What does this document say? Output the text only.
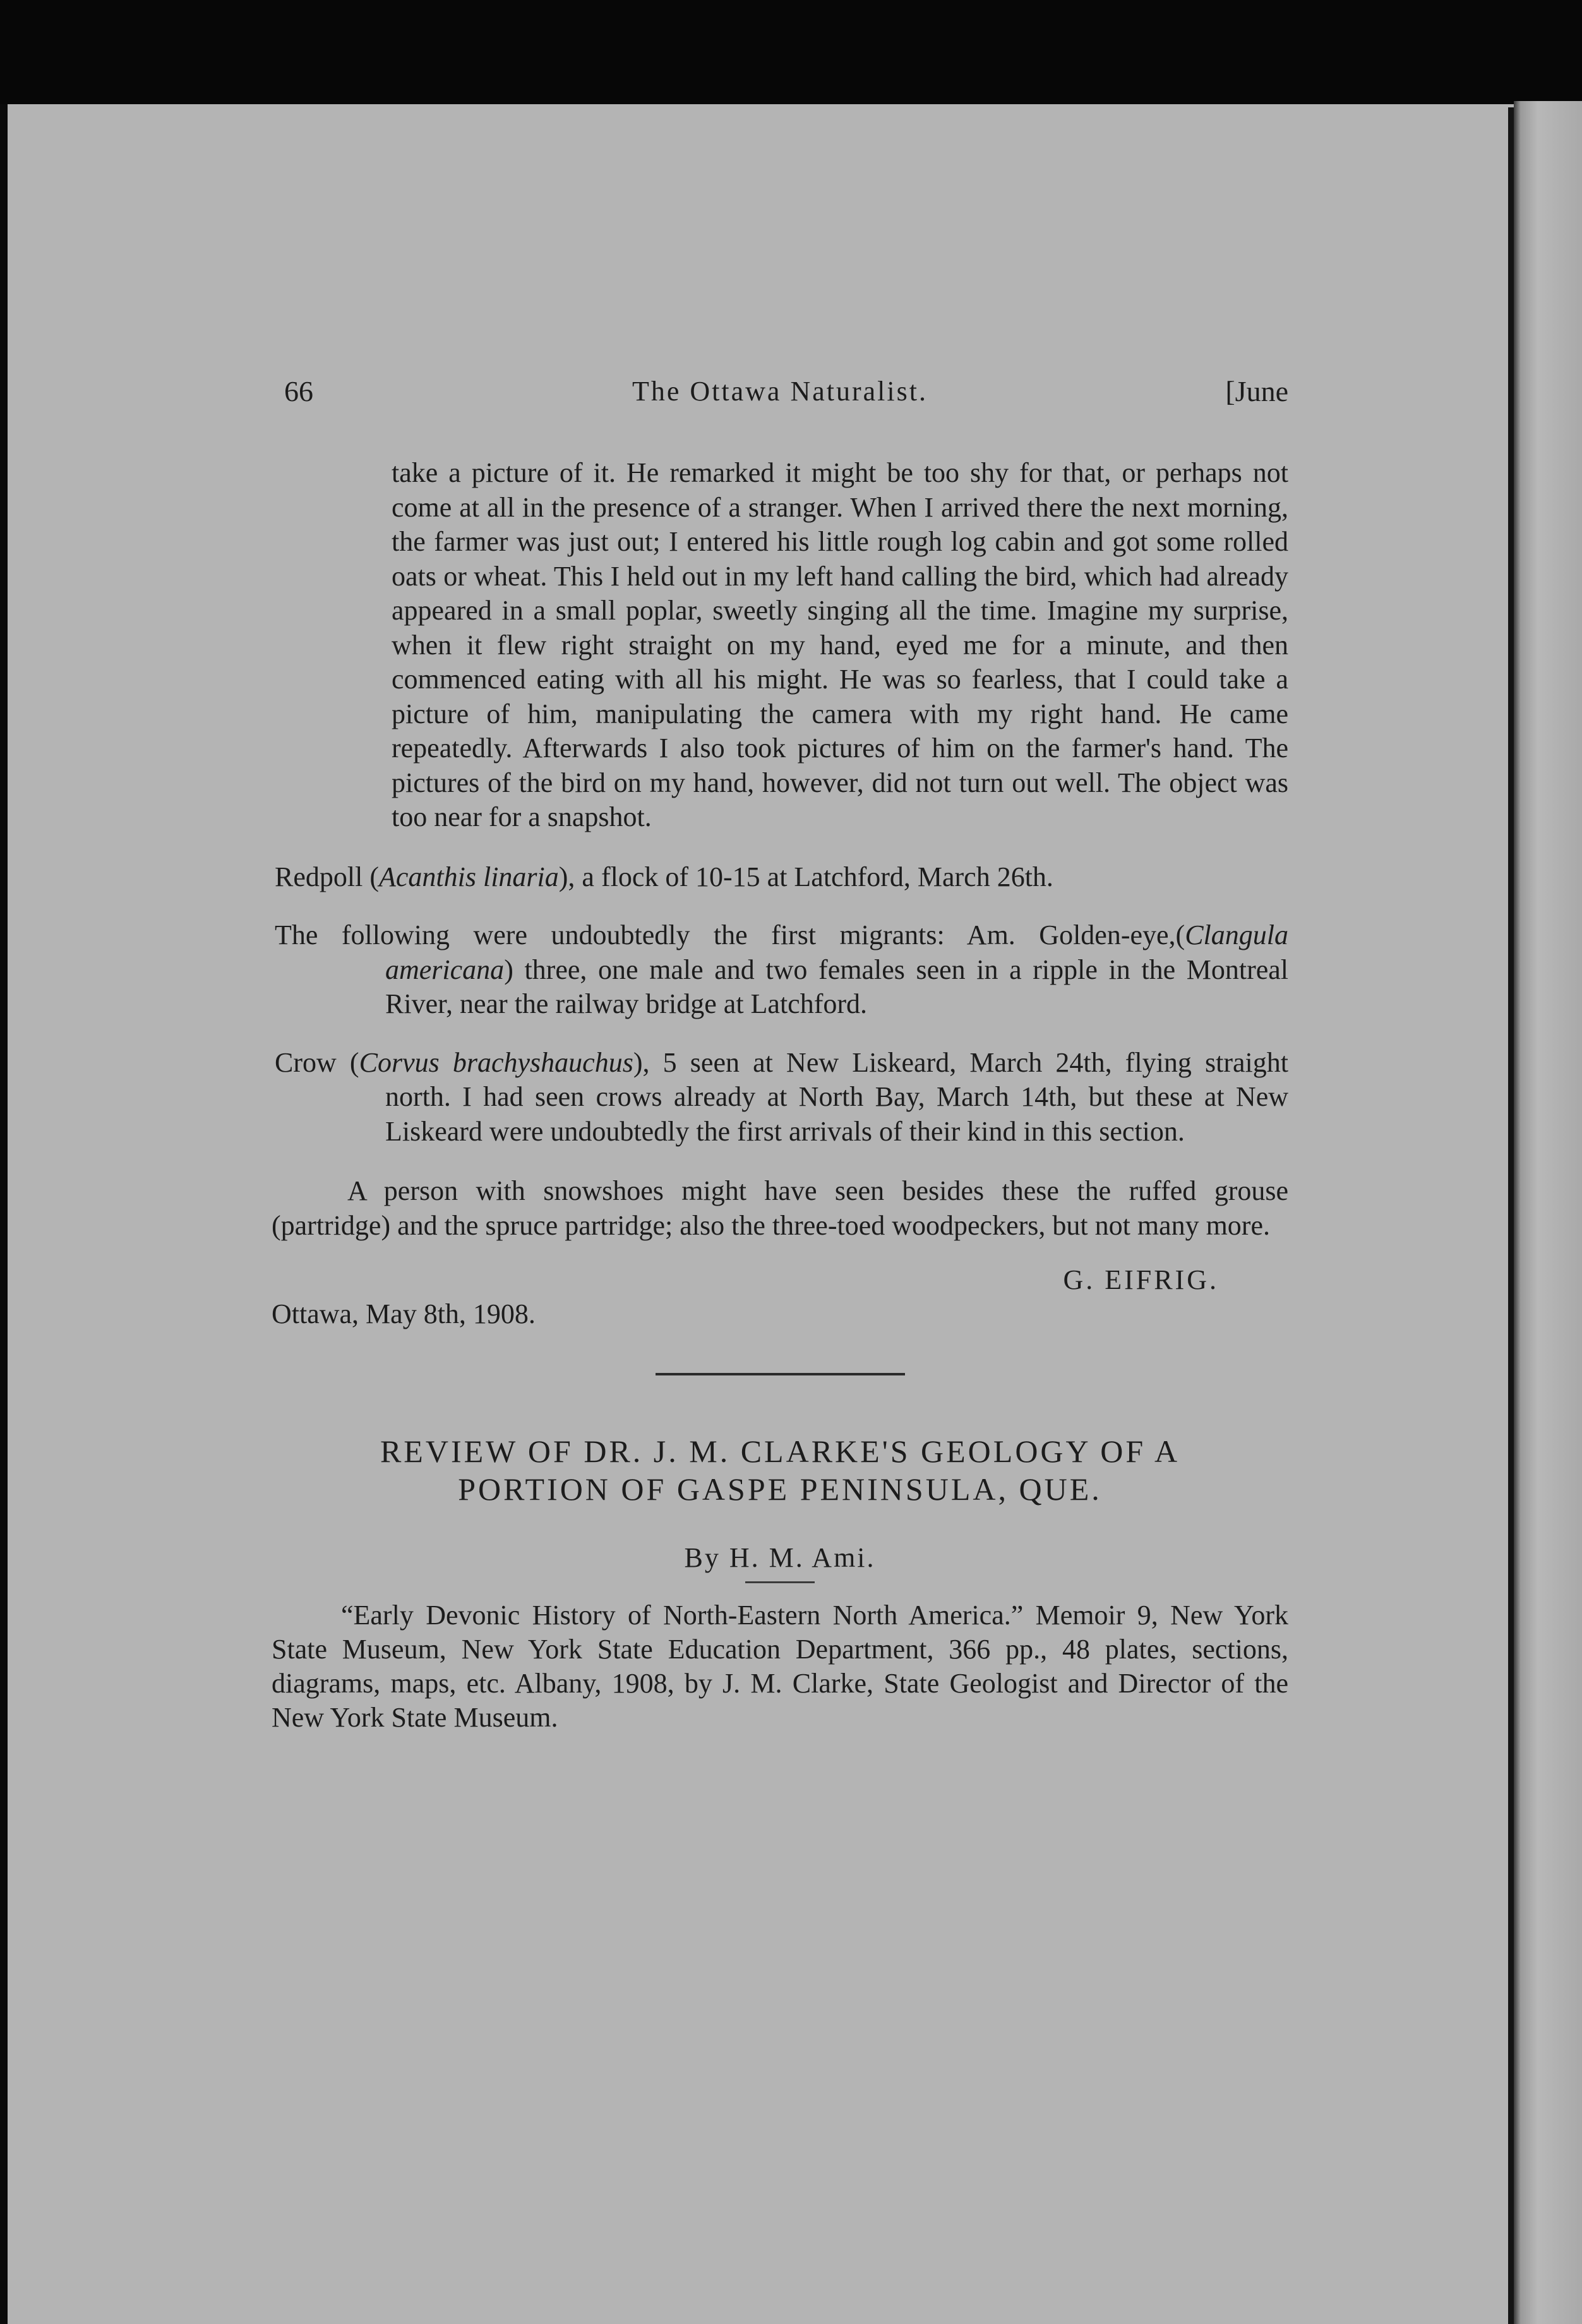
66	The Ottawa Naturalist.	[June

take a picture of it. He remarked it might be too shy for that, or perhaps not come at all in the presence of a stranger. When I arrived there the next morning, the farmer was just out; I entered his little rough log cabin and got some rolled oats or wheat. This I held out in my left hand calling the bird, which had already appeared in a small poplar, sweetly singing all the time. Imagine my surprise, when it flew right straight on my hand, eyed me for a minute, and then commenced eating with all his might. He was so fearless, that I could take a picture of him, manipulating the camera with my right hand. He came repeatedly. Afterwards I also took pictures of him on the farmer's hand. The pictures of the bird on my hand, however, did not turn out well. The object was too near for a snapshot.

Redpoll (Acanthis linaria), a flock of 10-15 at Latchford, March 26th.

The following were undoubtedly the first migrants: Am. Golden-eye,(Clangula americana) three, one male and two females seen in a ripple in the Montreal River, near the railway bridge at Latchford.

Crow (Corvus brachyshauchus), 5 seen at New Liskeard, March 24th, flying straight north. I had seen crows already at North Bay, March 14th, but these at New Liskeard were undoubtedly the first arrivals of their kind in this section.

A person with snowshoes might have seen besides these the ruffed grouse (partridge) and the spruce partridge; also the three-toed woodpeckers, but not many more.

G. EIFRIG.
Ottawa, May 8th, 1908.
REVIEW OF DR. J. M. CLARKE'S GEOLOGY OF A
PORTION OF GASPE PENINSULA, QUE.
By H. M. Ami.

“Early Devonic History of North-Eastern North America.” Memoir 9, New York State Museum, New York State Education Department, 366 pp., 48 plates, sections, diagrams, maps, etc. Albany, 1908, by J. M. Clarke, State Geologist and Director of the New York State Museum.
